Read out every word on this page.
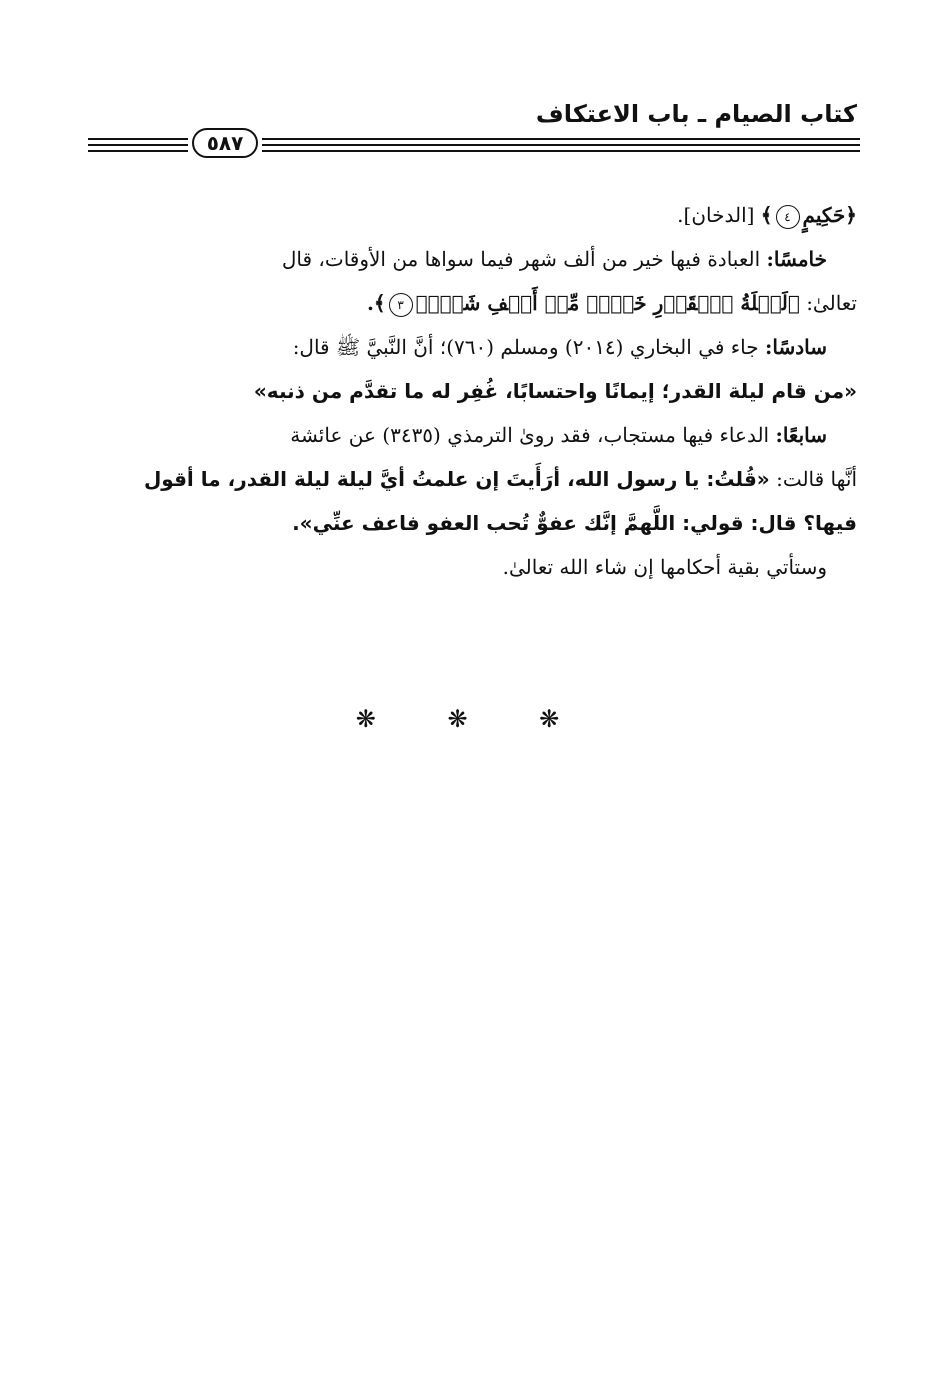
كتاب الصيام ـ باب الاعتكاف
٥٨٧
﴿حَكِيمٍ٤﴾ [الدخان].
خامسًا: العبادة فيها خير من ألف شهر فيما سواها من الأوقات، قال
تعالىٰ: ﴿لَيۡلَةُ ٱلۡقَدۡرِ خَيۡرٞ مِّنۡ أَلۡفِ شَهۡرٖ٣﴾.
سادسًا: جاء في البخاري (٢٠١٤) ومسلم (٧٦٠)؛ أنَّ النَّبيَّ ﷺ قال:
«من قام ليلة القدر؛ إيمانًا واحتسابًا، غُفِر له ما تقدَّم من ذنبه»
سابعًا: الدعاء فيها مستجاب، فقد روىٰ الترمذي (٣٤٣٥) عن عائشة
أنَّها قالت: «قُلتُ: يا رسول الله، أرَأَيتَ إن علمتُ أيَّ ليلة ليلة القدر، ما أقول
فيها؟ قال: قولي: اللَّهمَّ إنَّك عفوٌّ تُحب العفو فاعف عنِّي».
وستأتي بقية أحكامها إن شاء الله تعالىٰ.
❋ ❋ ❋
